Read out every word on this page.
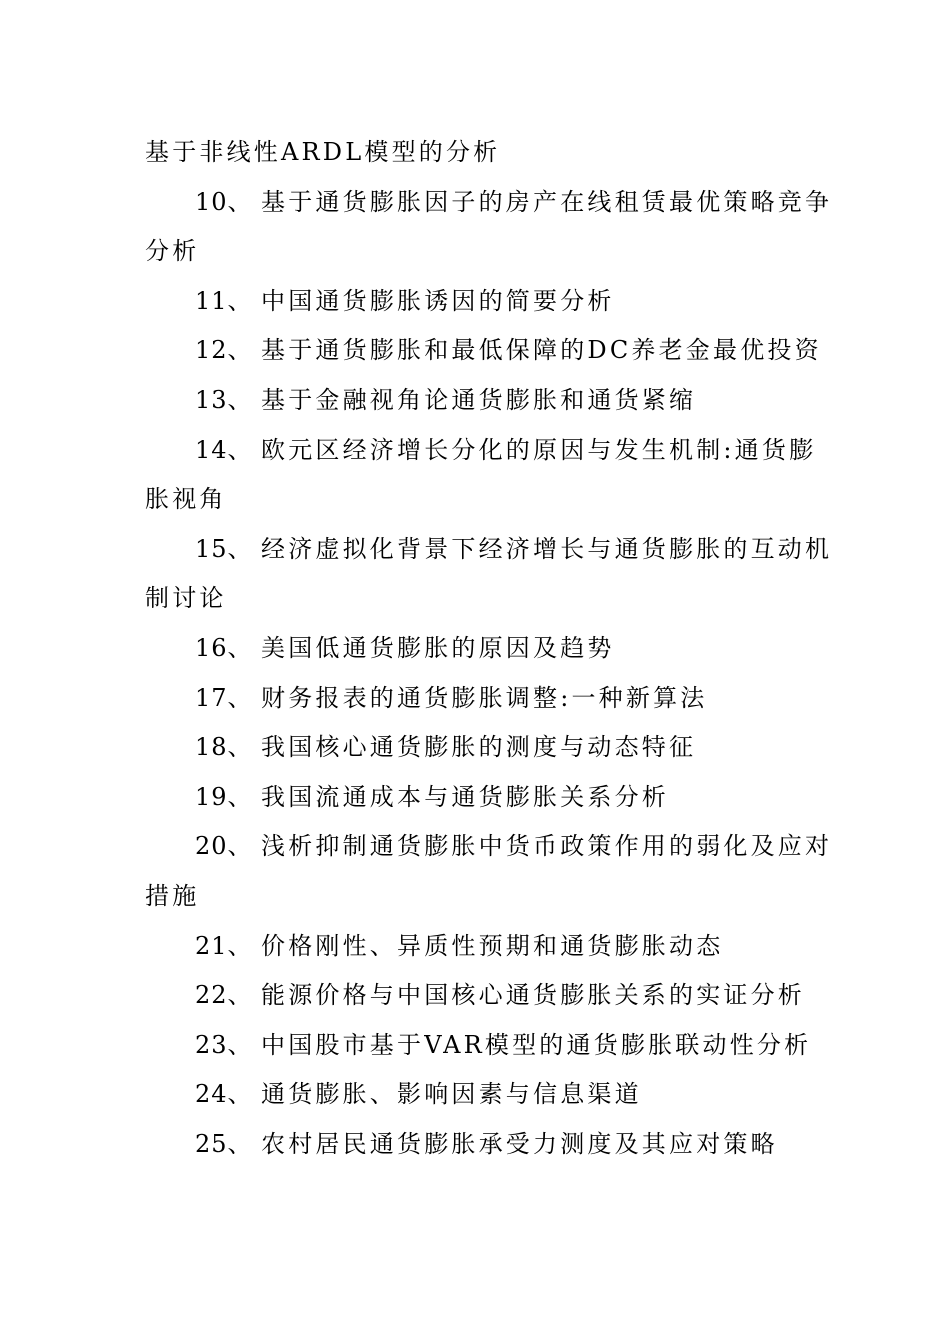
基于非线性ARDL模型的分析
10、 基于通货膨胀因子的房产在线租赁最优策略竞争
分析
11、 中国通货膨胀诱因的简要分析
12、 基于通货膨胀和最低保障的DC养老金最优投资
13、 基于金融视角论通货膨胀和通货紧缩
14、 欧元区经济增长分化的原因与发生机制:通货膨
胀视角
15、 经济虚拟化背景下经济增长与通货膨胀的互动机
制讨论
16、 美国低通货膨胀的原因及趋势
17、 财务报表的通货膨胀调整:一种新算法
18、 我国核心通货膨胀的测度与动态特征
19、 我国流通成本与通货膨胀关系分析
20、 浅析抑制通货膨胀中货币政策作用的弱化及应对
措施
21、 价格刚性、异质性预期和通货膨胀动态
22、 能源价格与中国核心通货膨胀关系的实证分析
23、 中国股市基于VAR模型的通货膨胀联动性分析
24、 通货膨胀、影响因素与信息渠道
25、 农村居民通货膨胀承受力测度及其应对策略
